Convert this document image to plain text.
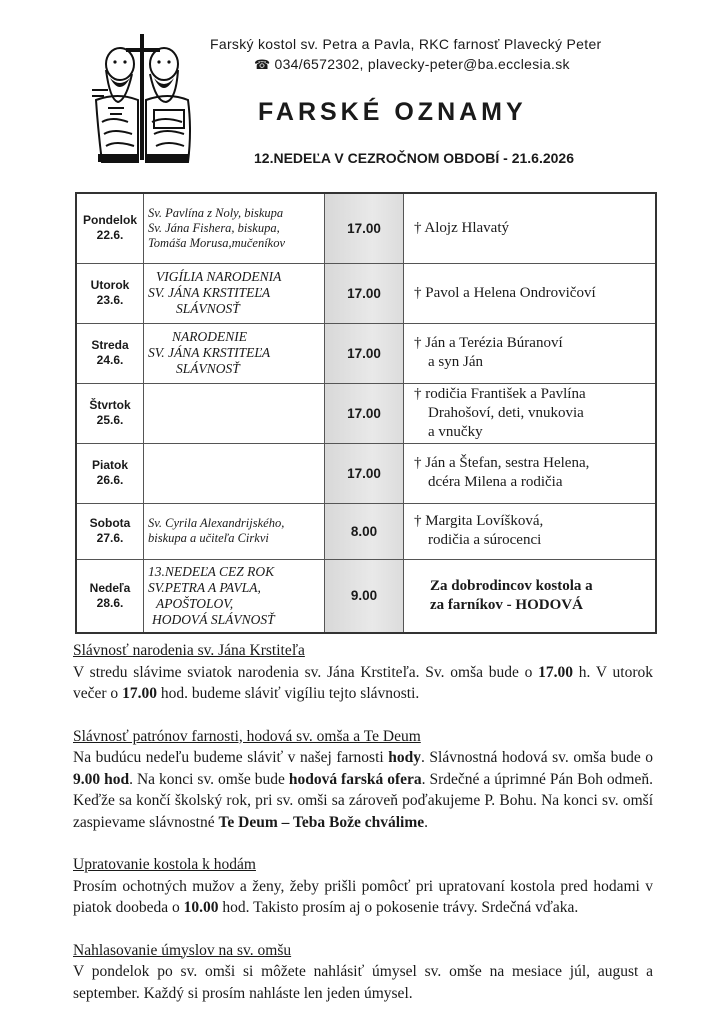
Farský kostol sv. Petra a Pavla, RKC farnosť Plavecký Peter
☎ 034/6572302, plavecky-peter@ba.ecclesia.sk
FARSKÉ OZNAMY
12.NEDEĽA V CEZROČNOM OBDOBÍ - 21.6.2026
Pondelok
22.6.	Sv. Pavlína z Noly, biskupa
Sv. Jána Fishera, biskupa,
Tomáša Morusa,mučeníkov	17.00	† Alojz Hlavatý

Utorok
23.6.	VIGÍLIA NARODENIA
SV. JÁNA KRSTITEĽA
SLÁVNOSŤ	17.00	† Pavol a Helena Ondrovičoví

Streda
24.6.	NARODENIE
SV. JÁNA KRSTITEĽA
SLÁVNOSŤ	17.00	† Ján a Terézia Búranoví
a syn Ján

Štvrtok
25.6.		17.00	† rodičia František a Pavlína
Drahošoví, deti, vnukovia
a vnučky

Piatok
26.6.		17.00	† Ján a Štefan, sestra Helena,
dcéra Milena a rodičia

Sobota
27.6.	Sv. Cyrila Alexandrijského,
biskupa a učiteľa Cirkvi	8.00	† Margita Lovíšková,
rodičia a súrocenci

Nedeľa
28.6.	13.NEDEĽA CEZ ROK
SV.PETRA A PAVLA,
APOŠTOLOV,
HODOVÁ SLÁVNOSŤ	9.00	Za dobrodincov kostola a
za farníkov - HODOVÁ
Slávnosť narodenia sv. Jána Krstiteľa

V stredu slávime sviatok narodenia sv. Jána Krstiteľa. Sv. omša bude o 17.00 h. V utorok večer o 17.00 hod. budeme sláviť vigíliu tejto slávnosti.

Slávnosť patrónov farnosti, hodová sv. omša a Te Deum

Na budúcu nedeľu budeme sláviť v našej farnosti hody. Slávnostná hodová sv. omša bude o 9.00 hod. Na konci sv. omše bude hodová farská ofera. Srdečné a úprimné Pán Boh odmeň. Keďže sa končí školský rok, pri sv. omši sa zároveň poďakujeme P. Bohu. Na konci sv. omší zaspievame slávnostné Te Deum – Teba Bože chválime.

Upratovanie kostola k hodám

Prosím ochotných mužov a ženy, žeby prišli pomôcť pri upratovaní kostola pred hodami v piatok doobeda o 10.00 hod. Takisto prosím aj o pokosenie trávy. Srdečná vďaka.

Nahlasovanie úmyslov na sv. omšu

V pondelok po sv. omši si môžete nahlásiť úmysel sv. omše na mesiace júl, august a september. Každý si prosím nahláste len jeden úmysel.
